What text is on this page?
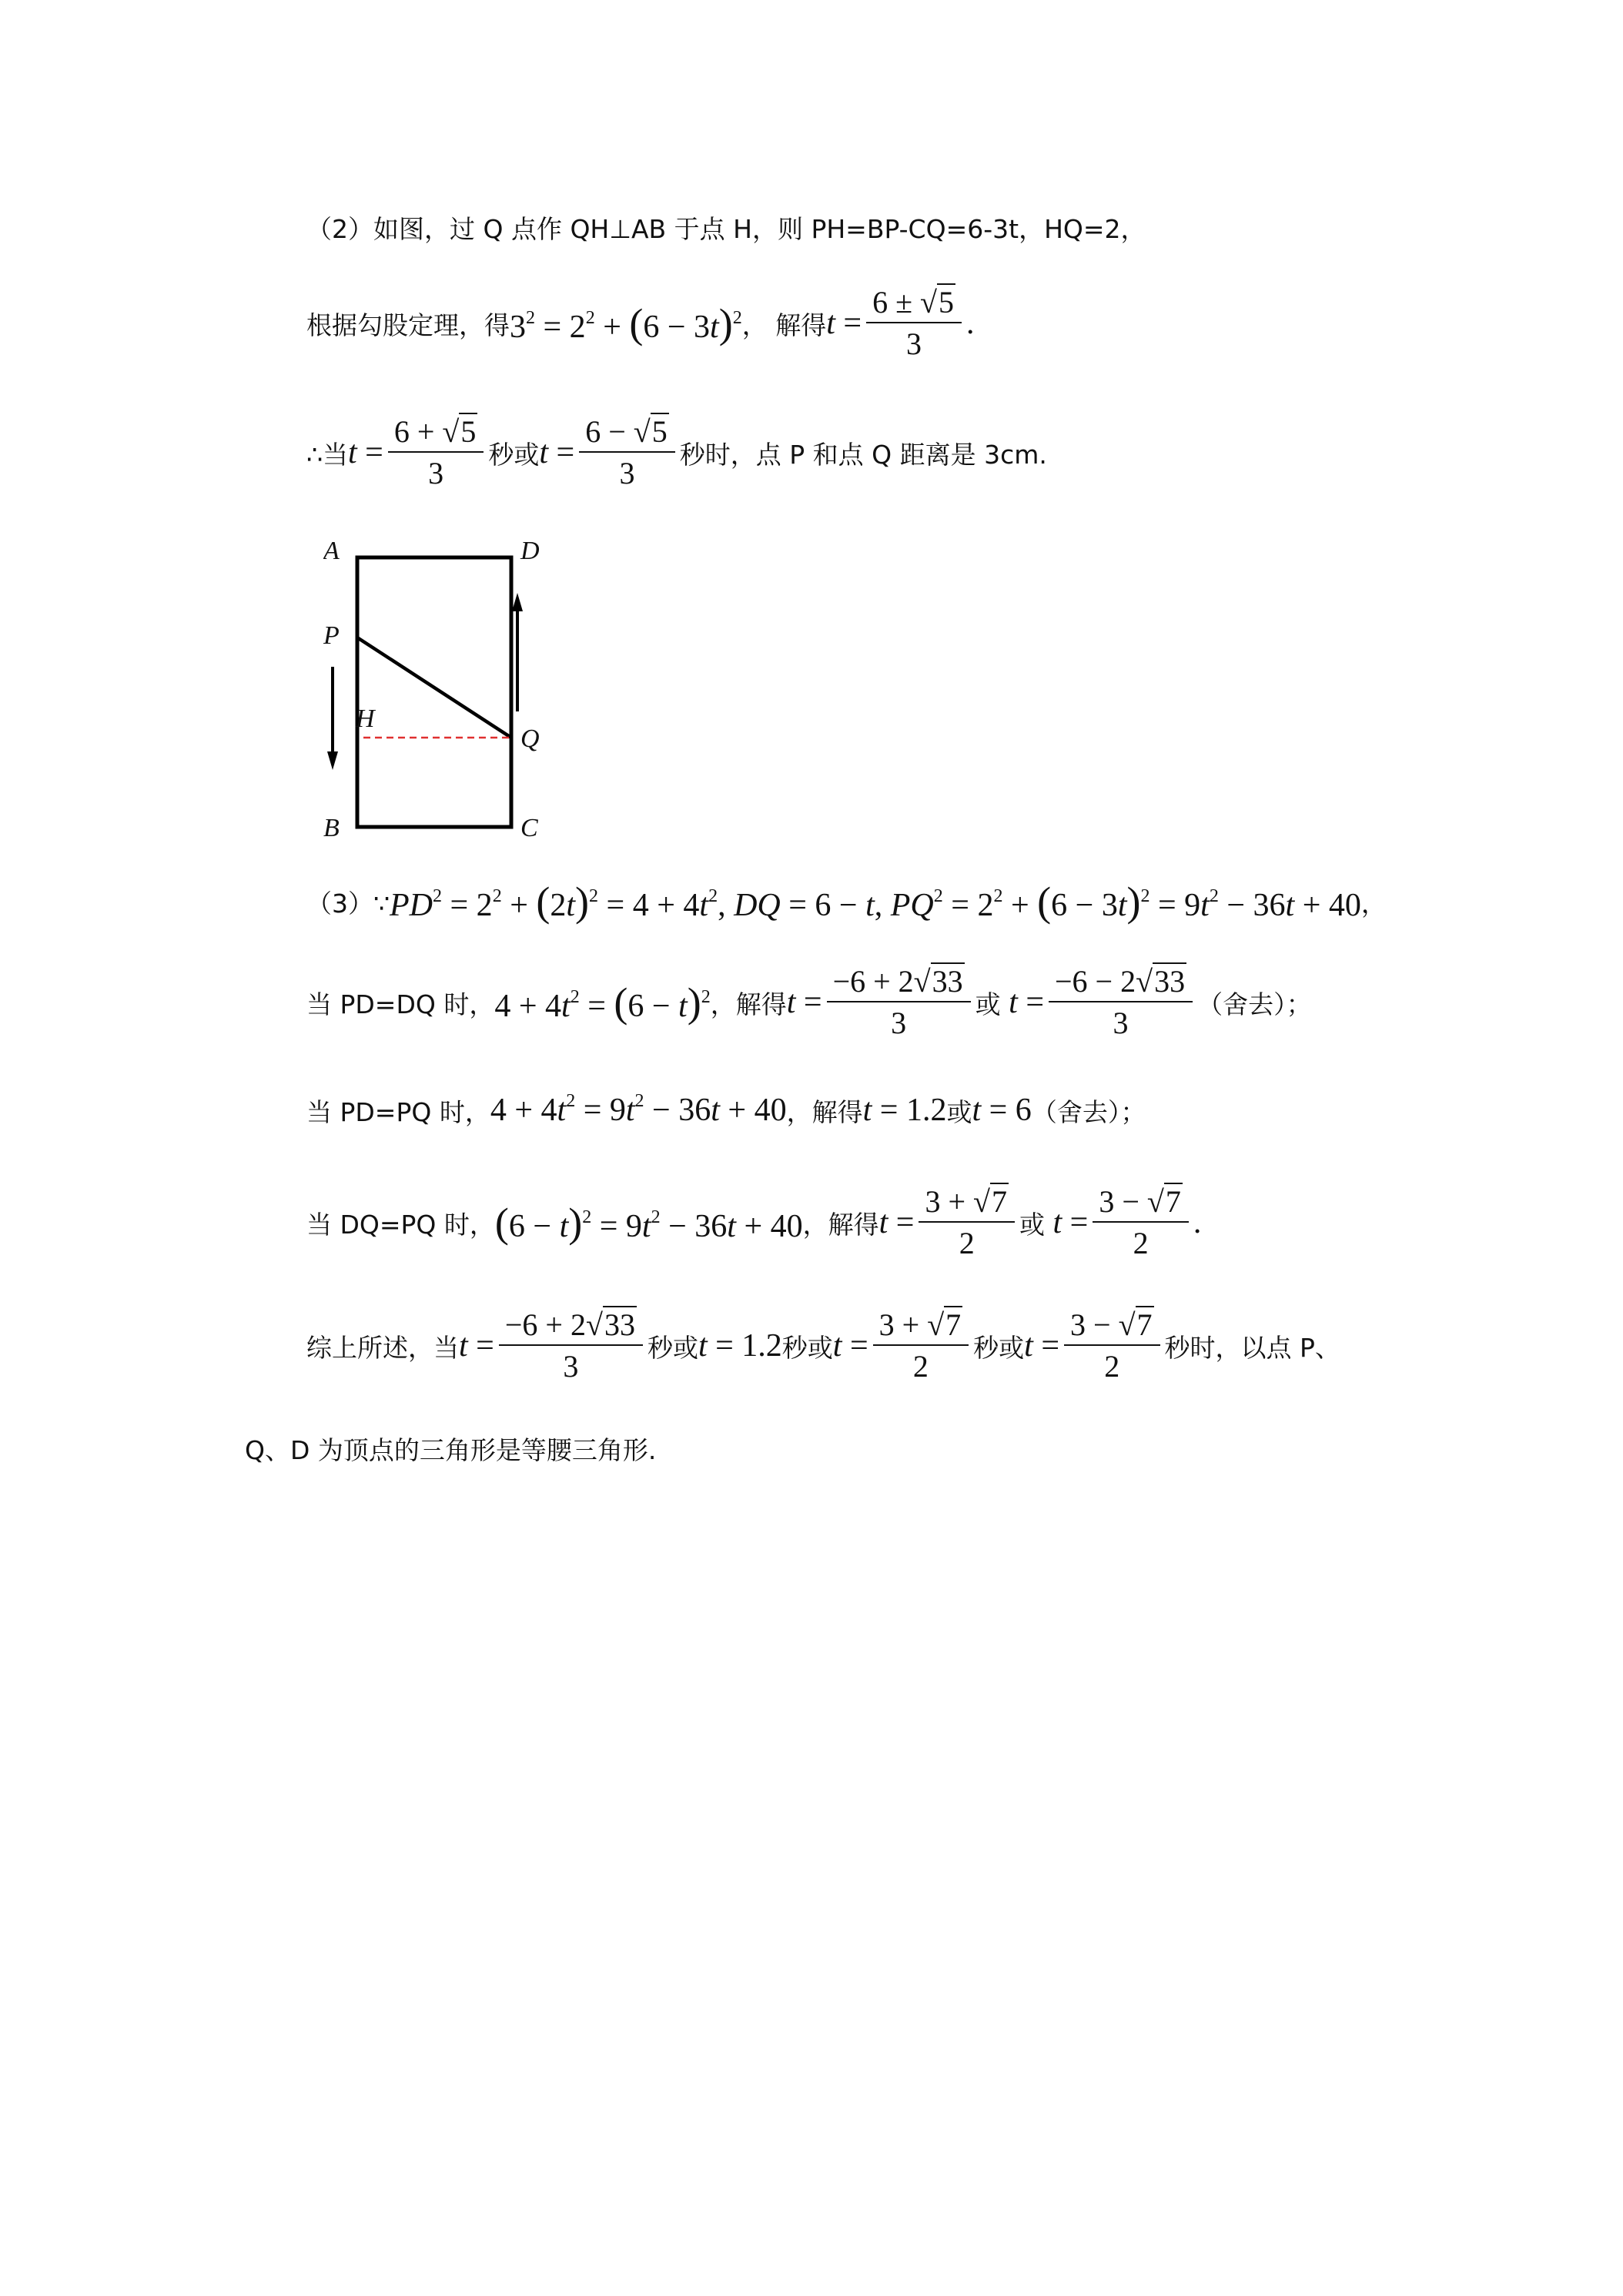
（2）如图，过 Q 点作 QH⊥AB 于点 H，则 PH=BP-CQ=6-3t，HQ=2，
根据勾股定理，得 $3^2 = 2^2 + (6 - 3t)^2$ ， 解得 $t = \frac{6 \pm √5}{3}$ .
∴当 $t = \frac{6 + √5}{3}$ 秒或 $t = \frac{6 - √5}{3}$ 秒时，点 P 和点 Q 距离是 3cm.
A	D
P
H
Q
B	C
（3）∵ $PD^2 = 2^2 + (2t)^2 = 4 + 4t^2$, DQ = 6 − t, $PQ^2 = 2^2 + (6 - 3t)^2 = 9t^2 - 36t + 40$ ，
当 PD=DQ 时， $4 + 4t^2 = (6 - t)^2$ ，解得 $t = \frac{-6 + 2√33}{3}$ 或 $t = \frac{-6 - 2√33}{3}$ （舍去）；
当 PD=PQ 时， $4 + 4t^2 = 9t^2 - 36t + 40$ ，解得 t = 1.2 或 t = 6 （舍去）；
当 DQ=PQ 时， $(6 - t)^2 = 9t^2 - 36t + 40$ ，解得 $t = \frac{3 + √7}{2}$ 或 $t = \frac{3 - √7}{2}$ .
综上所述，当 $t = \frac{-6 + 2√33}{3}$ 秒或 t = 1.2 秒或 $t = \frac{3 + √7}{2}$ 秒或 $t = \frac{3 - √7}{2}$ 秒时，以点 P、
Q、D 为顶点的三角形是等腰三角形.
